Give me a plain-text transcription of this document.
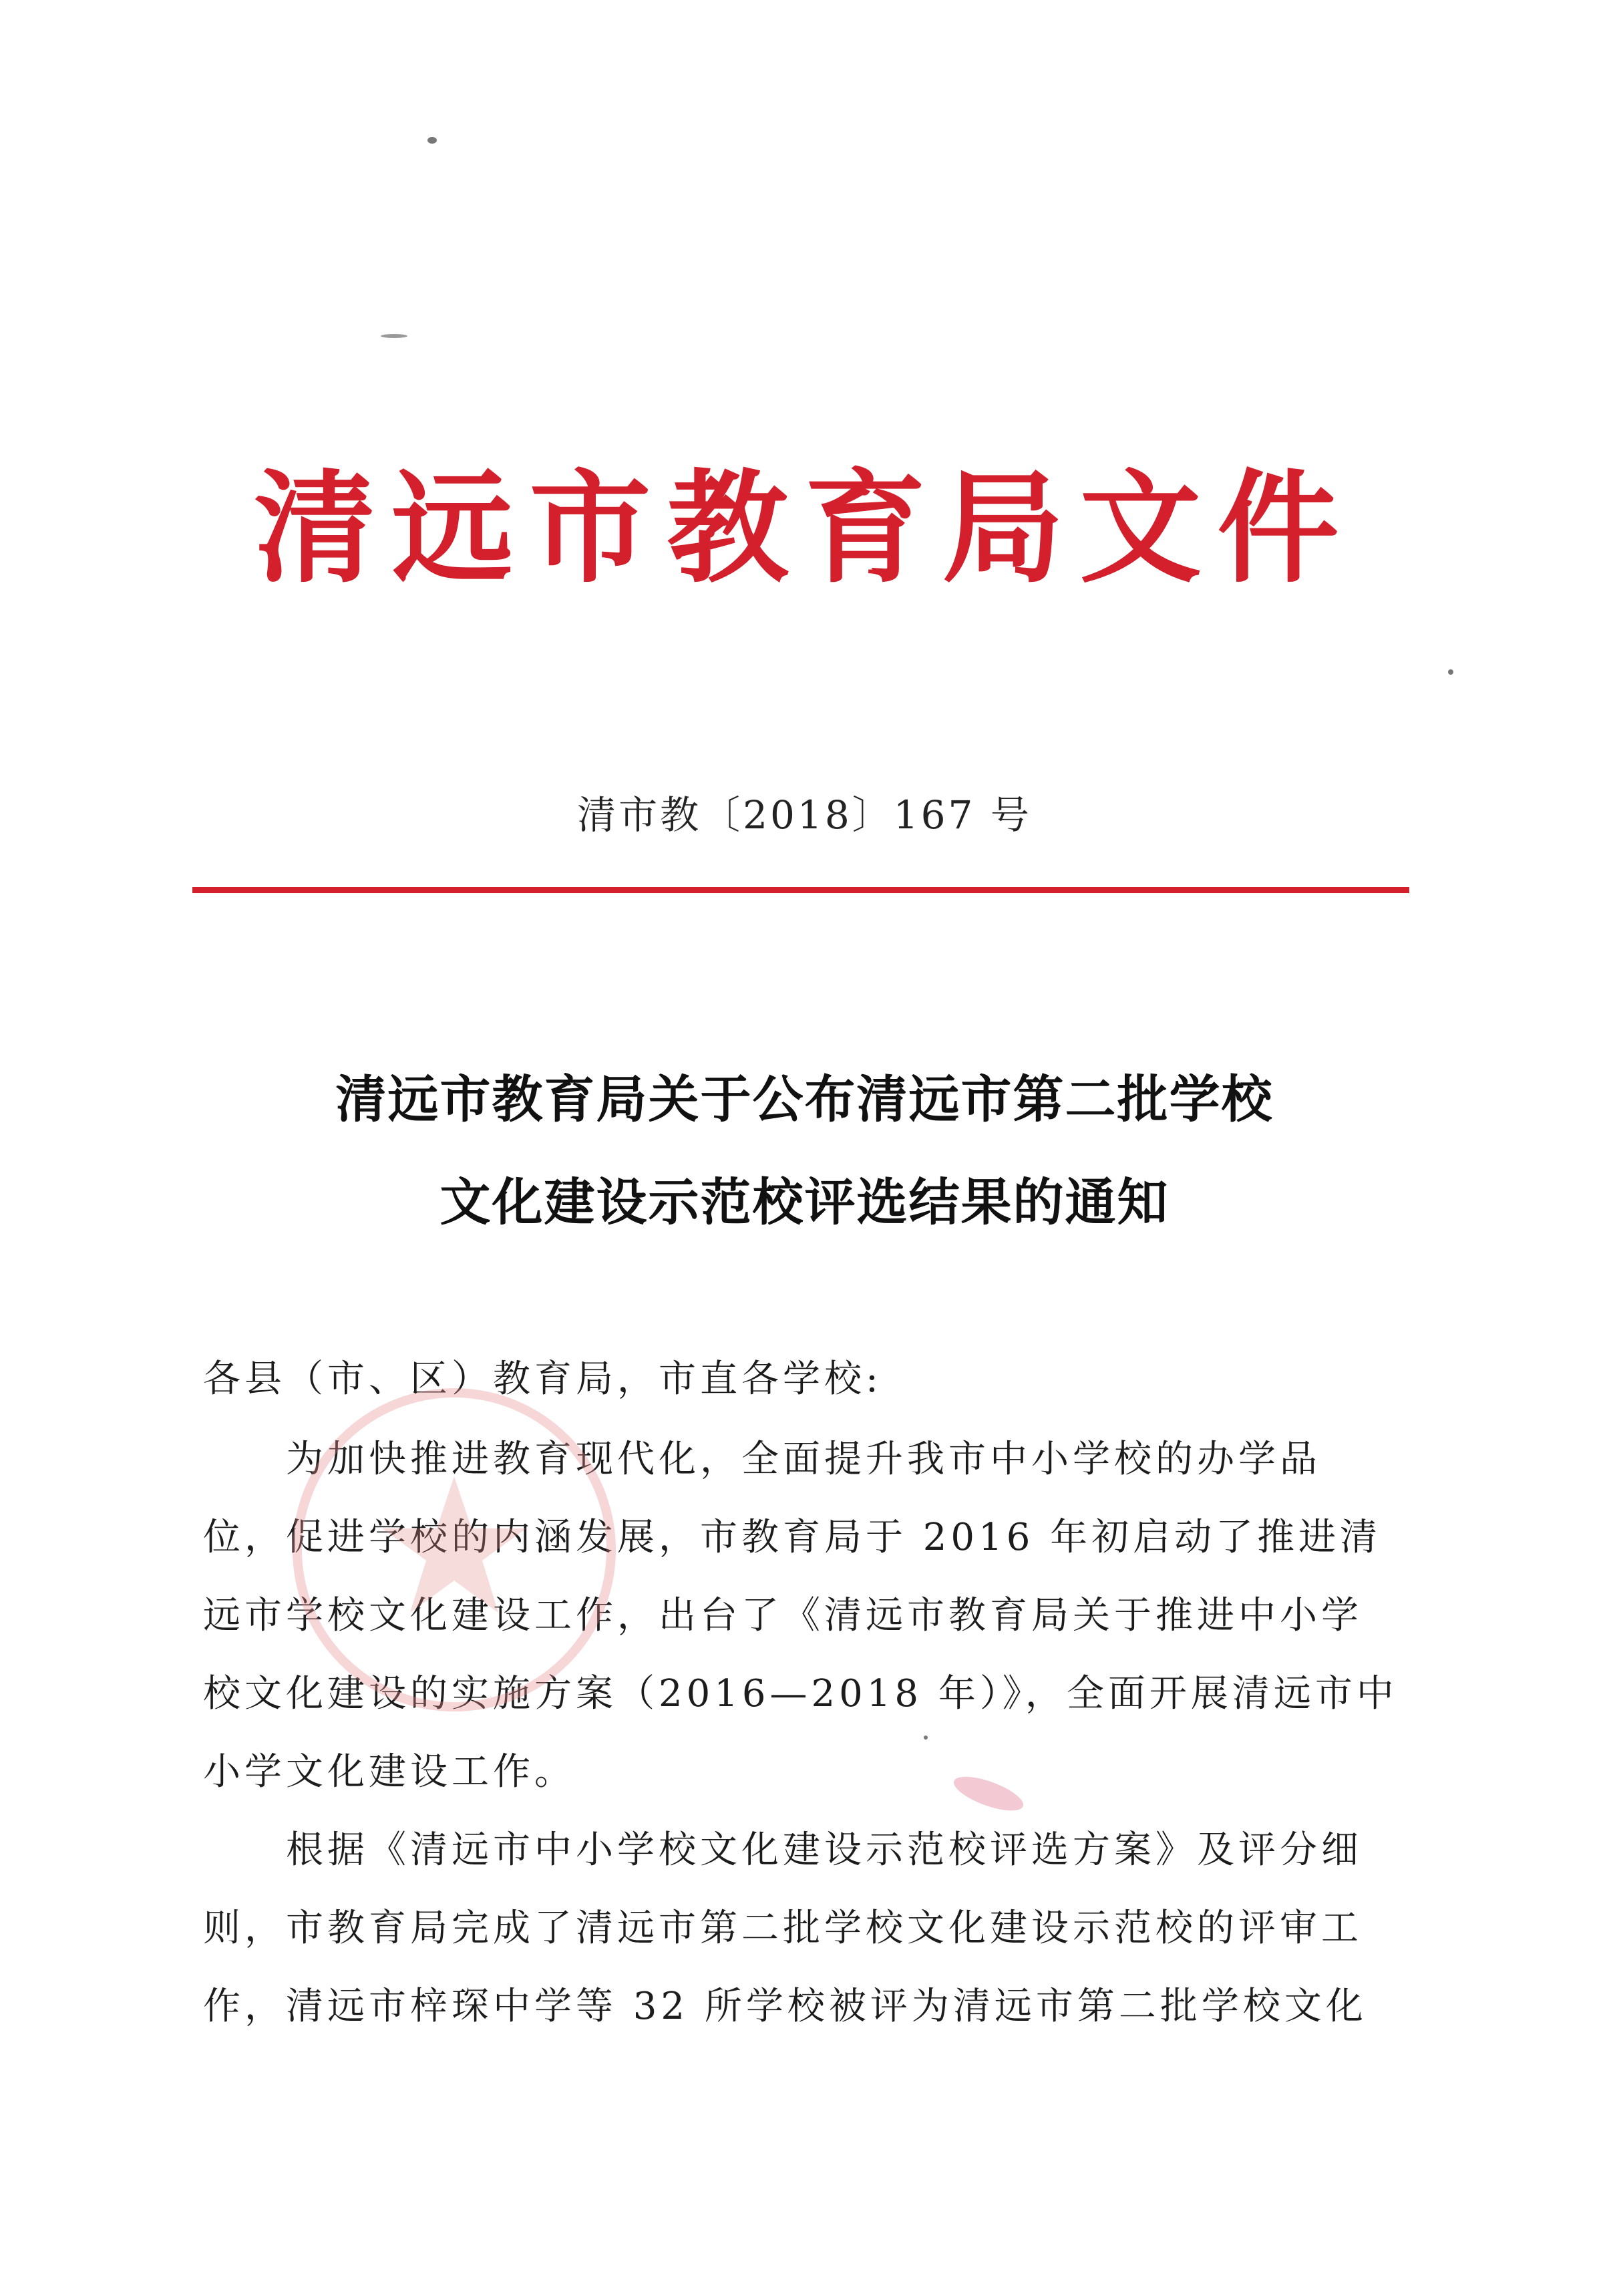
清远市教育局文件
清市教〔2018〕167 号
清远市教育局关于公布清远市第二批学校
文化建设示范校评选结果的通知
各县（市、区）教育局，市直各学校:
为加快推进教育现代化，全面提升我市中小学校的办学品
位，促进学校的内涵发展，市教育局于 2016 年初启动了推进清
远市学校文化建设工作，出台了《清远市教育局关于推进中小学
校文化建设的实施方案（2016—2018 年）》，全面开展清远市中
小学文化建设工作。
根据《清远市中小学校文化建设示范校评选方案》及评分细
则，市教育局完成了清远市第二批学校文化建设示范校的评审工
作，清远市梓琛中学等 32 所学校被评为清远市第二批学校文化
